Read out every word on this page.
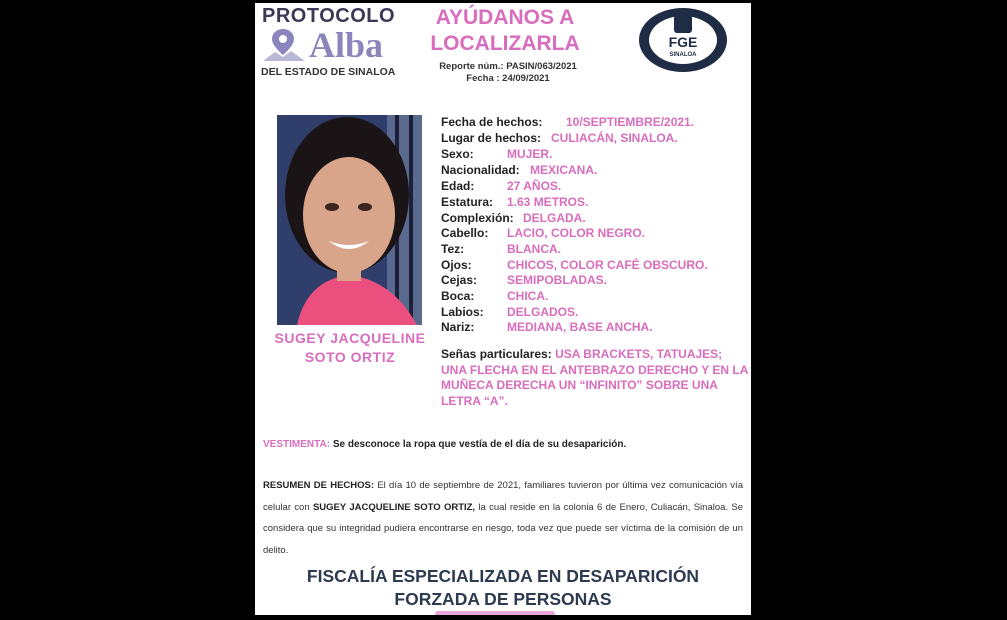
PROTOCOLO
Alba
DEL ESTADO DE SINALOA
AYÚDANOS A
LOCALIZARLA
Reporte núm.: PASIN/063/2021
Fecha : 24/09/2021
FGE
SINALOA
SUGEY JACQUELINE
SOTO ORTIZ
Fecha de hechos: 10/SEPTIEMBRE/2021.
Lugar de hechos: CULIACÁN, SINALOA.
Sexo:	MUJER.
Nacionalidad: MEXICANA.
Edad:	27 AÑOS.
Estatura: 1.63 METROS.
Complexión: DELGADA.
Cabello: LACIO, COLOR NEGRO.
Tez:	BLANCA.
Ojos:	CHICOS, COLOR CAFÉ OBSCURO.
Cejas: SEMIPOBLADAS.
Boca:	CHICA.
Labios: DELGADOS.
Nariz:	MEDIANA, BASE ANCHA.
Señas particulares: USA BRACKETS, TATUAJES; UNA FLECHA EN EL ANTEBRAZO DERECHO Y EN LA MUÑECA DERECHA UN “INFINITO” SOBRE UNA LETRA “A”.
VESTIMENTA: Se desconoce la ropa que vestía de el día de su desaparición.
RESUMEN DE HECHOS: El día 10 de septiembre de 2021, familiares tuvieron por última vez comunicación vía celular con SUGEY JACQUELINE SOTO ORTIZ, la cual reside en la colonia 6 de Enero, Culiacán, Sinaloa. Se considera que su integridad pudiera encontrarse en riesgo, toda vez que puede ser víctima de la comisión de un delito.
FISCALÍA ESPECIALIZADA EN DESAPARICIÓN
FORZADA DE PERSONAS
